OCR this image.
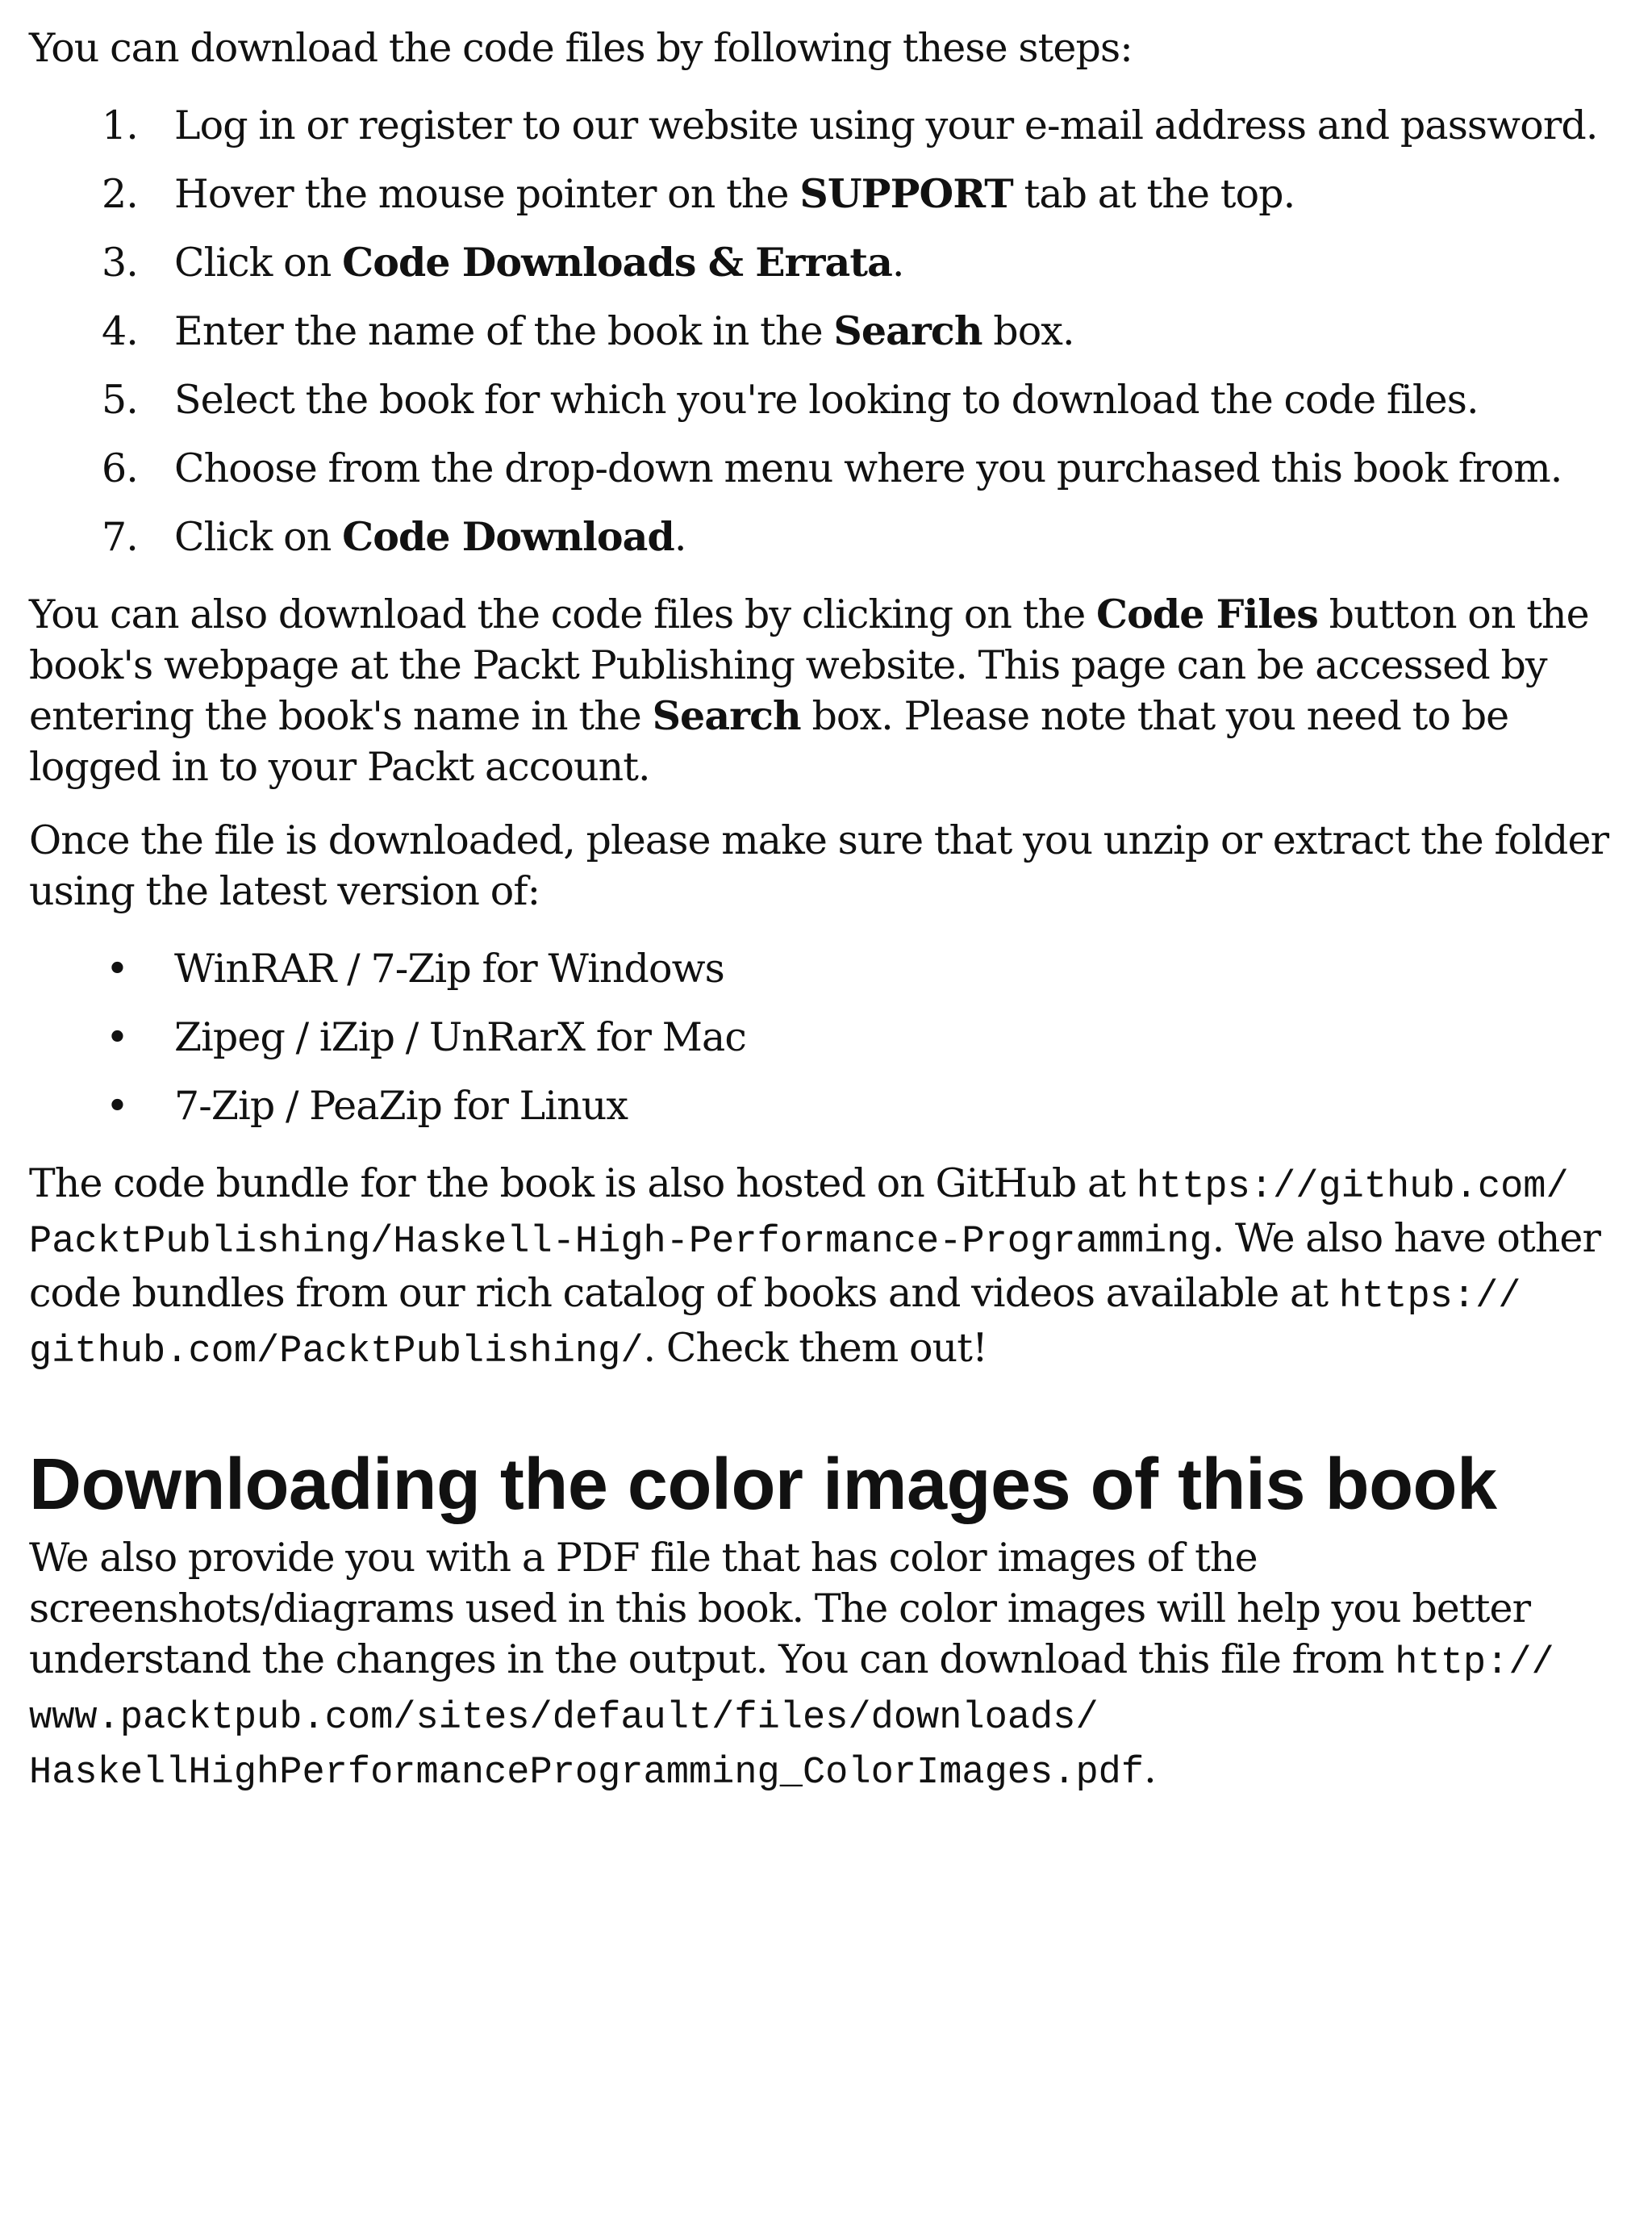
You can download the code files by following these steps:

1. Log in or register to our website using your e-mail address and password.
2. Hover the mouse pointer on the SUPPORT tab at the top.
3. Click on Code Downloads & Errata.
4. Enter the name of the book in the Search box.
5. Select the book for which you're looking to download the code files.
6. Choose from the drop-down menu where you purchased this book from.
7. Click on Code Download.

You can also download the code files by clicking on the Code Files button on the book's webpage at the Packt Publishing website. This page can be accessed by entering the book's name in the Search box. Please note that you need to be logged in to your Packt account.

Once the file is downloaded, please make sure that you unzip or extract the folder using the latest version of:

• WinRAR / 7-Zip for Windows
• Zipeg / iZip / UnRarX for Mac
• 7-Zip / PeaZip for Linux

The code bundle for the book is also hosted on GitHub at https://github.com/PacktPublishing/Haskell-High-Performance-Programming. We also have other code bundles from our rich catalog of books and videos available at https://github.com/PacktPublishing/. Check them out!

Downloading the color images of this book

We also provide you with a PDF file that has color images of the screenshots/diagrams used in this book. The color images will help you better understand the changes in the output. You can download this file from http://www.packtpub.com/sites/default/files/downloads/HaskellHighPerformanceProgramming_ColorImages.pdf.
